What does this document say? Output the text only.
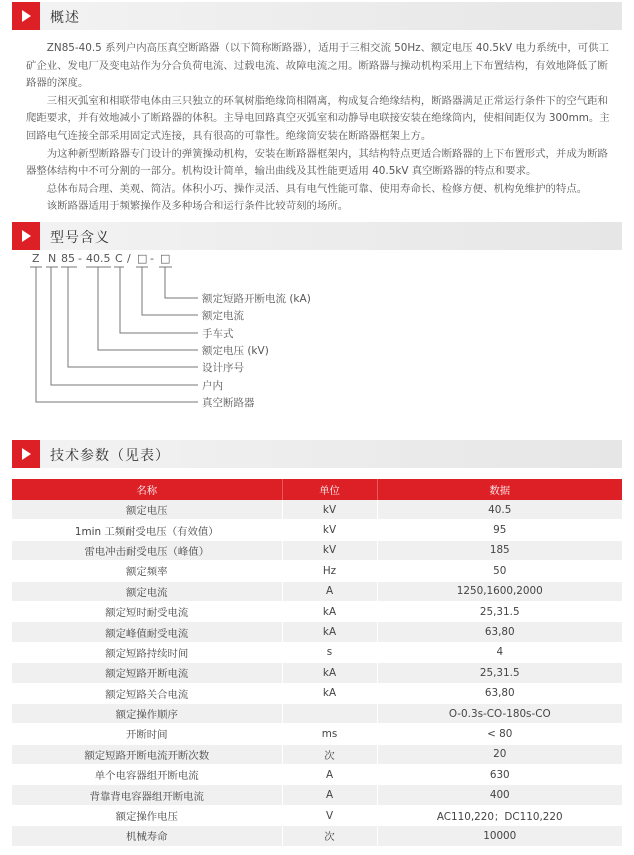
概述

ZN85-40.5 系列户内高压真空断路器（以下简称断路器），适用于三相交流 50Hz、额定电压 40.5kV 电力系统中，可供工矿企业、发电厂及变电站作为分合负荷电流、过载电流、故障电流之用。断路器与操动机构采用上下布置结构，有效地降低了断路器的深度。

三相灭弧室和相联带电体由三只独立的环氧树脂绝缘筒相隔离，构成复合绝缘结构，断路器满足正常运行条件下的空气距和爬距要求，并有效地减小了断路器的体积。主导电回路真空灭弧室和动静导电联接安装在绝缘筒内，使相间距仅为 300mm。主回路电气连接全部采用固定式连接，具有很高的可靠性。绝缘筒安装在断路器框架上方。

为这种新型断路器专门设计的弹簧操动机构，安装在断路器框架内，其结构特点更适合断路器的上下布置形式，并成为断路器整体结构中不可分割的一部分。机构设计简单，输出曲线及其性能更适用 40.5kV 真空断路器的特点和要求。

总体布局合理、美观、简洁。体积小巧、操作灵活、具有电气性能可靠、使用寿命长、检修方便、机构免维护的特点。

该断路器适用于频繁操作及多种场合和运行条件比较苛刻的场所。

型号含义
Z N 85 - 40.5 C / □ - □
额定短路开断电流 (kA)
额定电流
手车式
额定电压 (kV)
设计序号
户内
真空断路器
技术参数（见表）
名称	单位	数据
额定电压	kV	40.5
1min 工频耐受电压（有效值）	kV	95
雷电冲击耐受电压（峰值）	kV	185
额定频率	Hz	50
额定电流	A	1250,1600,2000
额定短时耐受电流	kA	25,31.5
额定峰值耐受电流	kA	63,80
额定短路持续时间	s	4
额定短路开断电流	kA	25,31.5
额定短路关合电流	kA	63,80
额定操作顺序		O-0.3s-CO-180s-CO
开断时间	ms	< 80
额定短路开断电流开断次数	次	20
单个电容器组开断电流	A	630
背靠背电容器组开断电流	A	400
额定操作电压	V	AC110,220；DC110,220
机械寿命	次	10000
